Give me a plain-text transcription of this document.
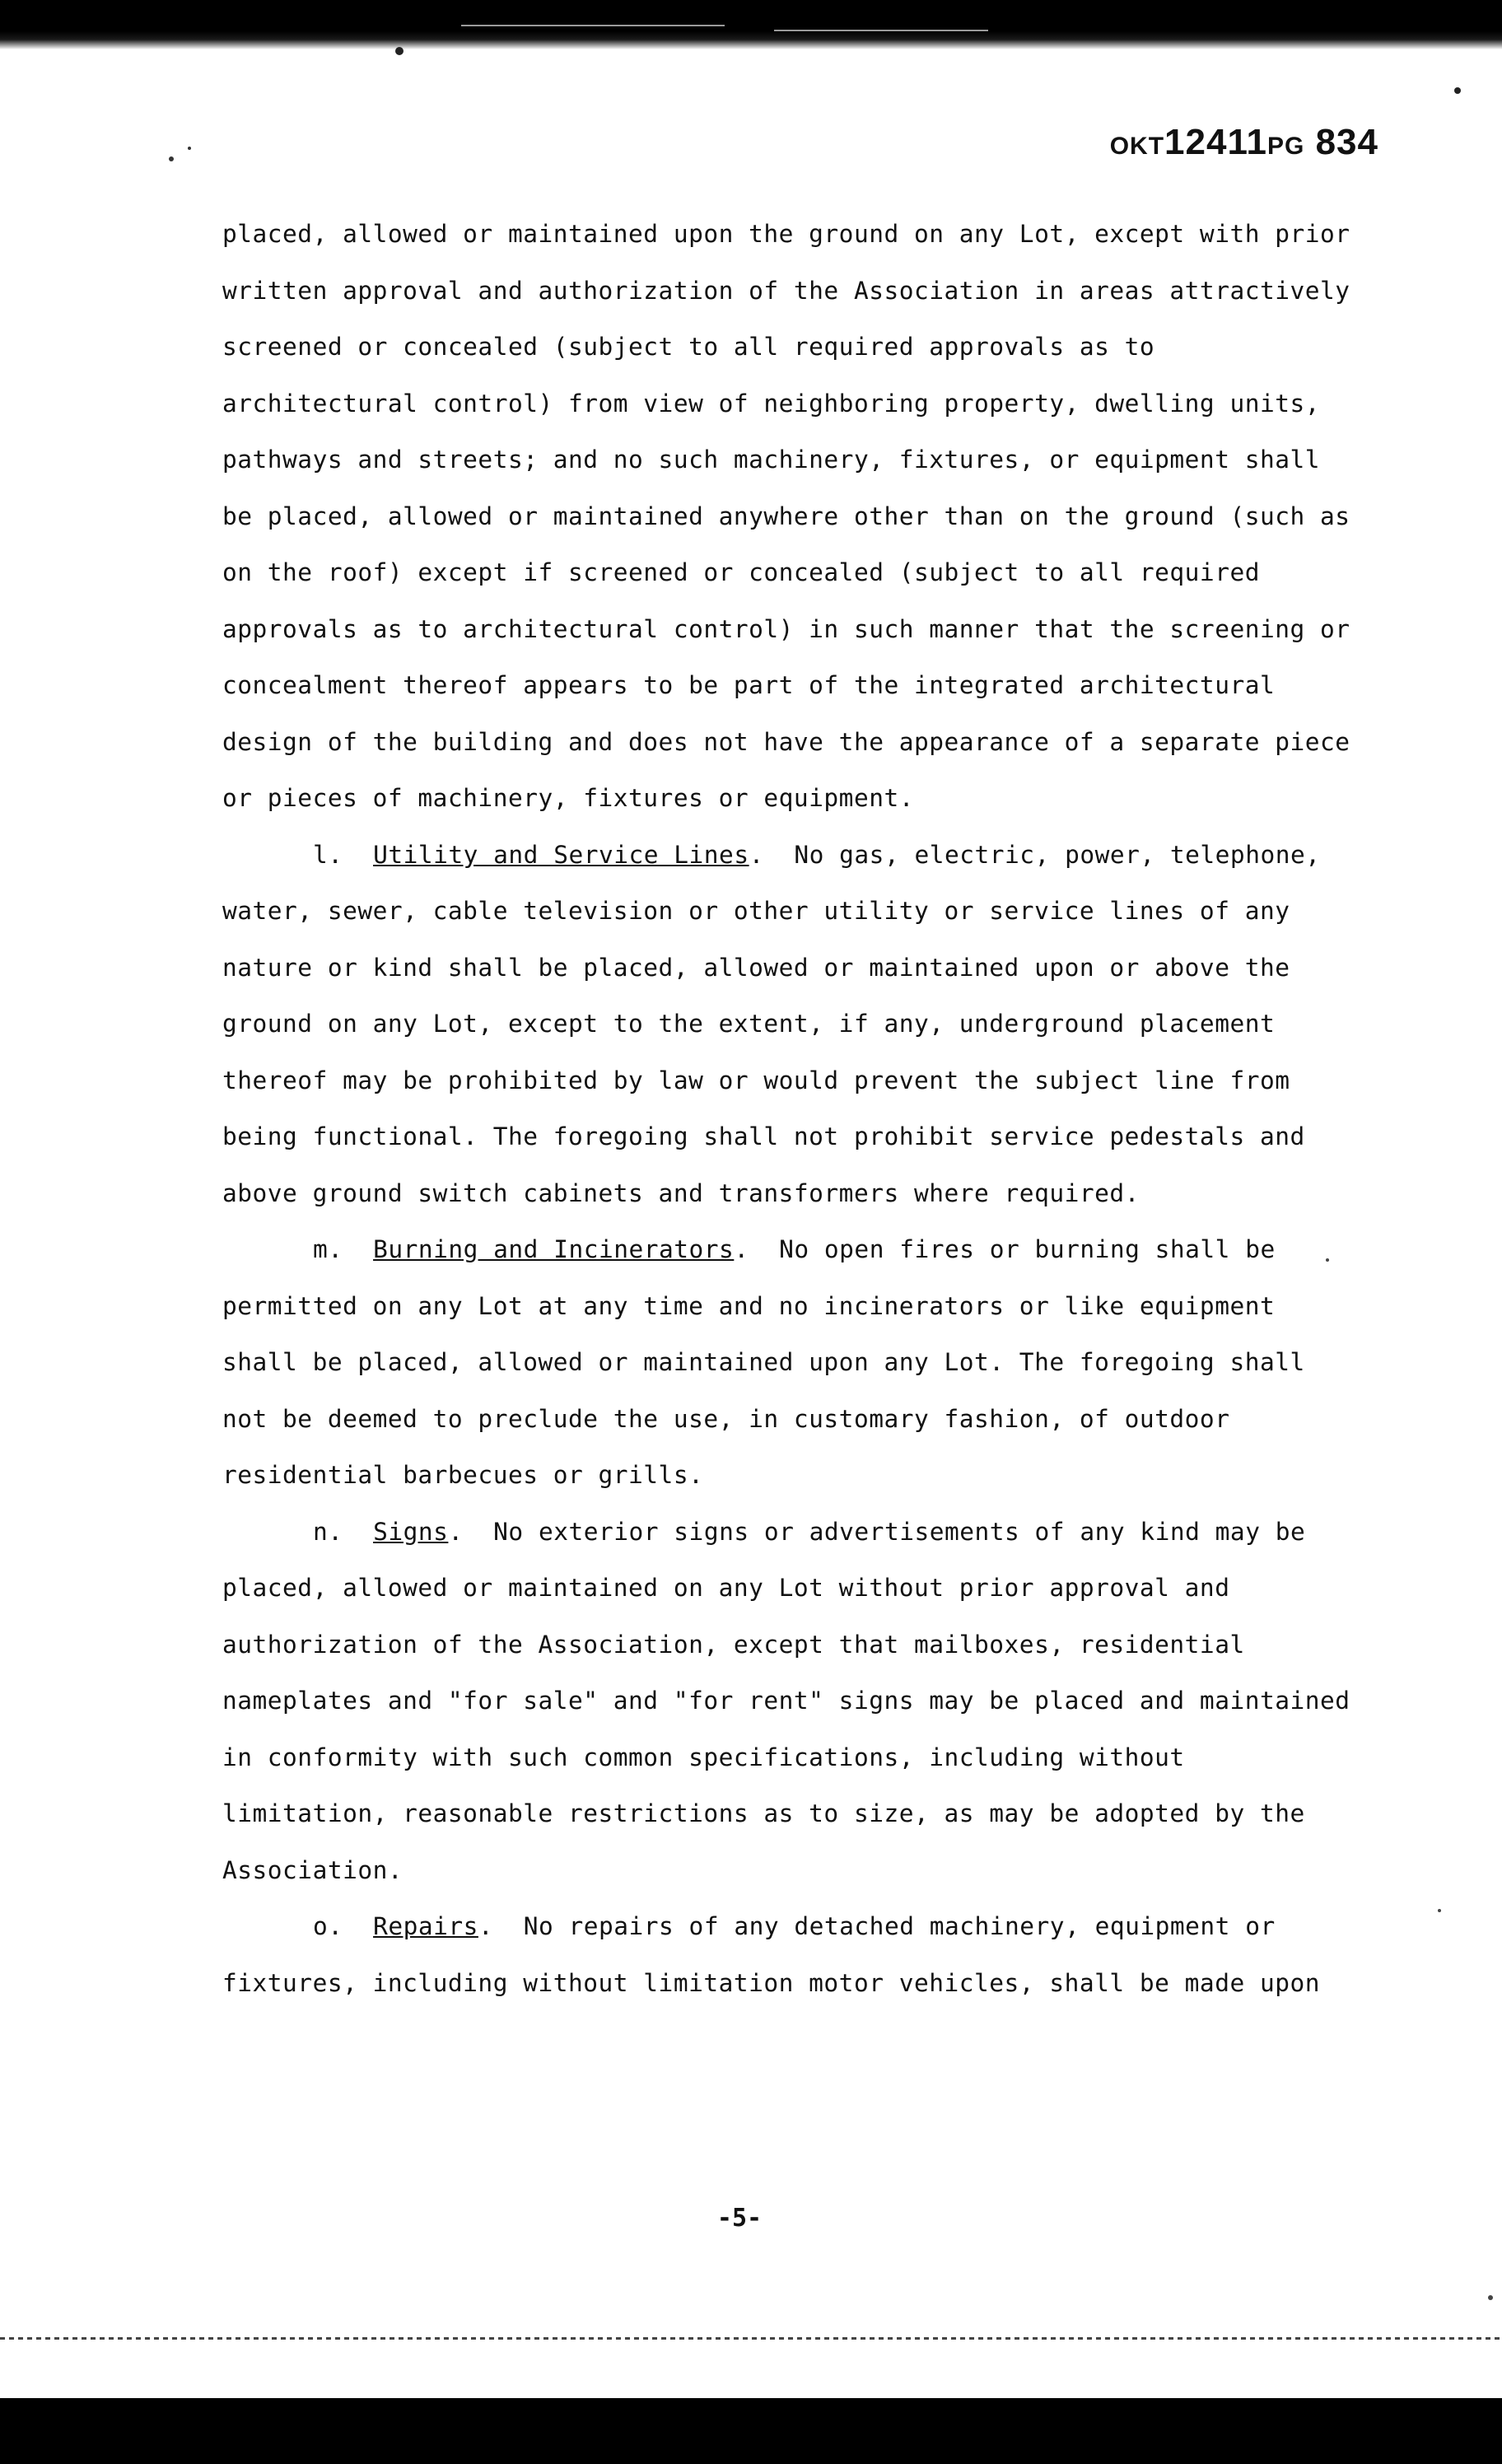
OKT12411PG 834

placed, allowed or maintained upon the ground on any Lot, except with prior written approval and authorization of the Association in areas attractively screened or concealed (subject to all required approvals as to architectural control) from view of neighboring property, dwelling units, pathways and streets; and no such machinery, fixtures, or equipment shall be placed, allowed or maintained anywhere other than on the ground (such as on the roof) except if screened or concealed (subject to all required approvals as to architectural control) in such manner that the screening or concealment thereof appears to be part of the integrated architectural design of the building and does not have the appearance of a separate piece or pieces of machinery, fixtures or equipment.

l. Utility and Service Lines.  No gas, electric, power, telephone, water, sewer, cable television or other utility or service lines of any nature or kind shall be placed, allowed or maintained upon or above the ground on any Lot, except to the extent, if any, underground placement thereof may be prohibited by law or would prevent the subject line from being functional. The foregoing shall not prohibit service pedestals and above ground switch cabinets and transformers where required.

m. Burning and Incinerators.  No open fires or burning shall be permitted on any Lot at any time and no incinerators or like equipment shall be placed, allowed or maintained upon any Lot. The foregoing shall not be deemed to preclude the use, in customary fashion, of outdoor residential barbecues or grills.

n. Signs.  No exterior signs or advertisements of any kind may be placed, allowed or maintained on any Lot without prior approval and authorization of the Association, except that mailboxes, residential nameplates and "for sale" and "for rent" signs may be placed and maintained in conformity with such common specifications, including without limitation, reasonable restrictions as to size, as may be adopted by the Association.

o. Repairs.  No repairs of any detached machinery, equipment or fixtures, including without limitation motor vehicles, shall be made upon

-5-
